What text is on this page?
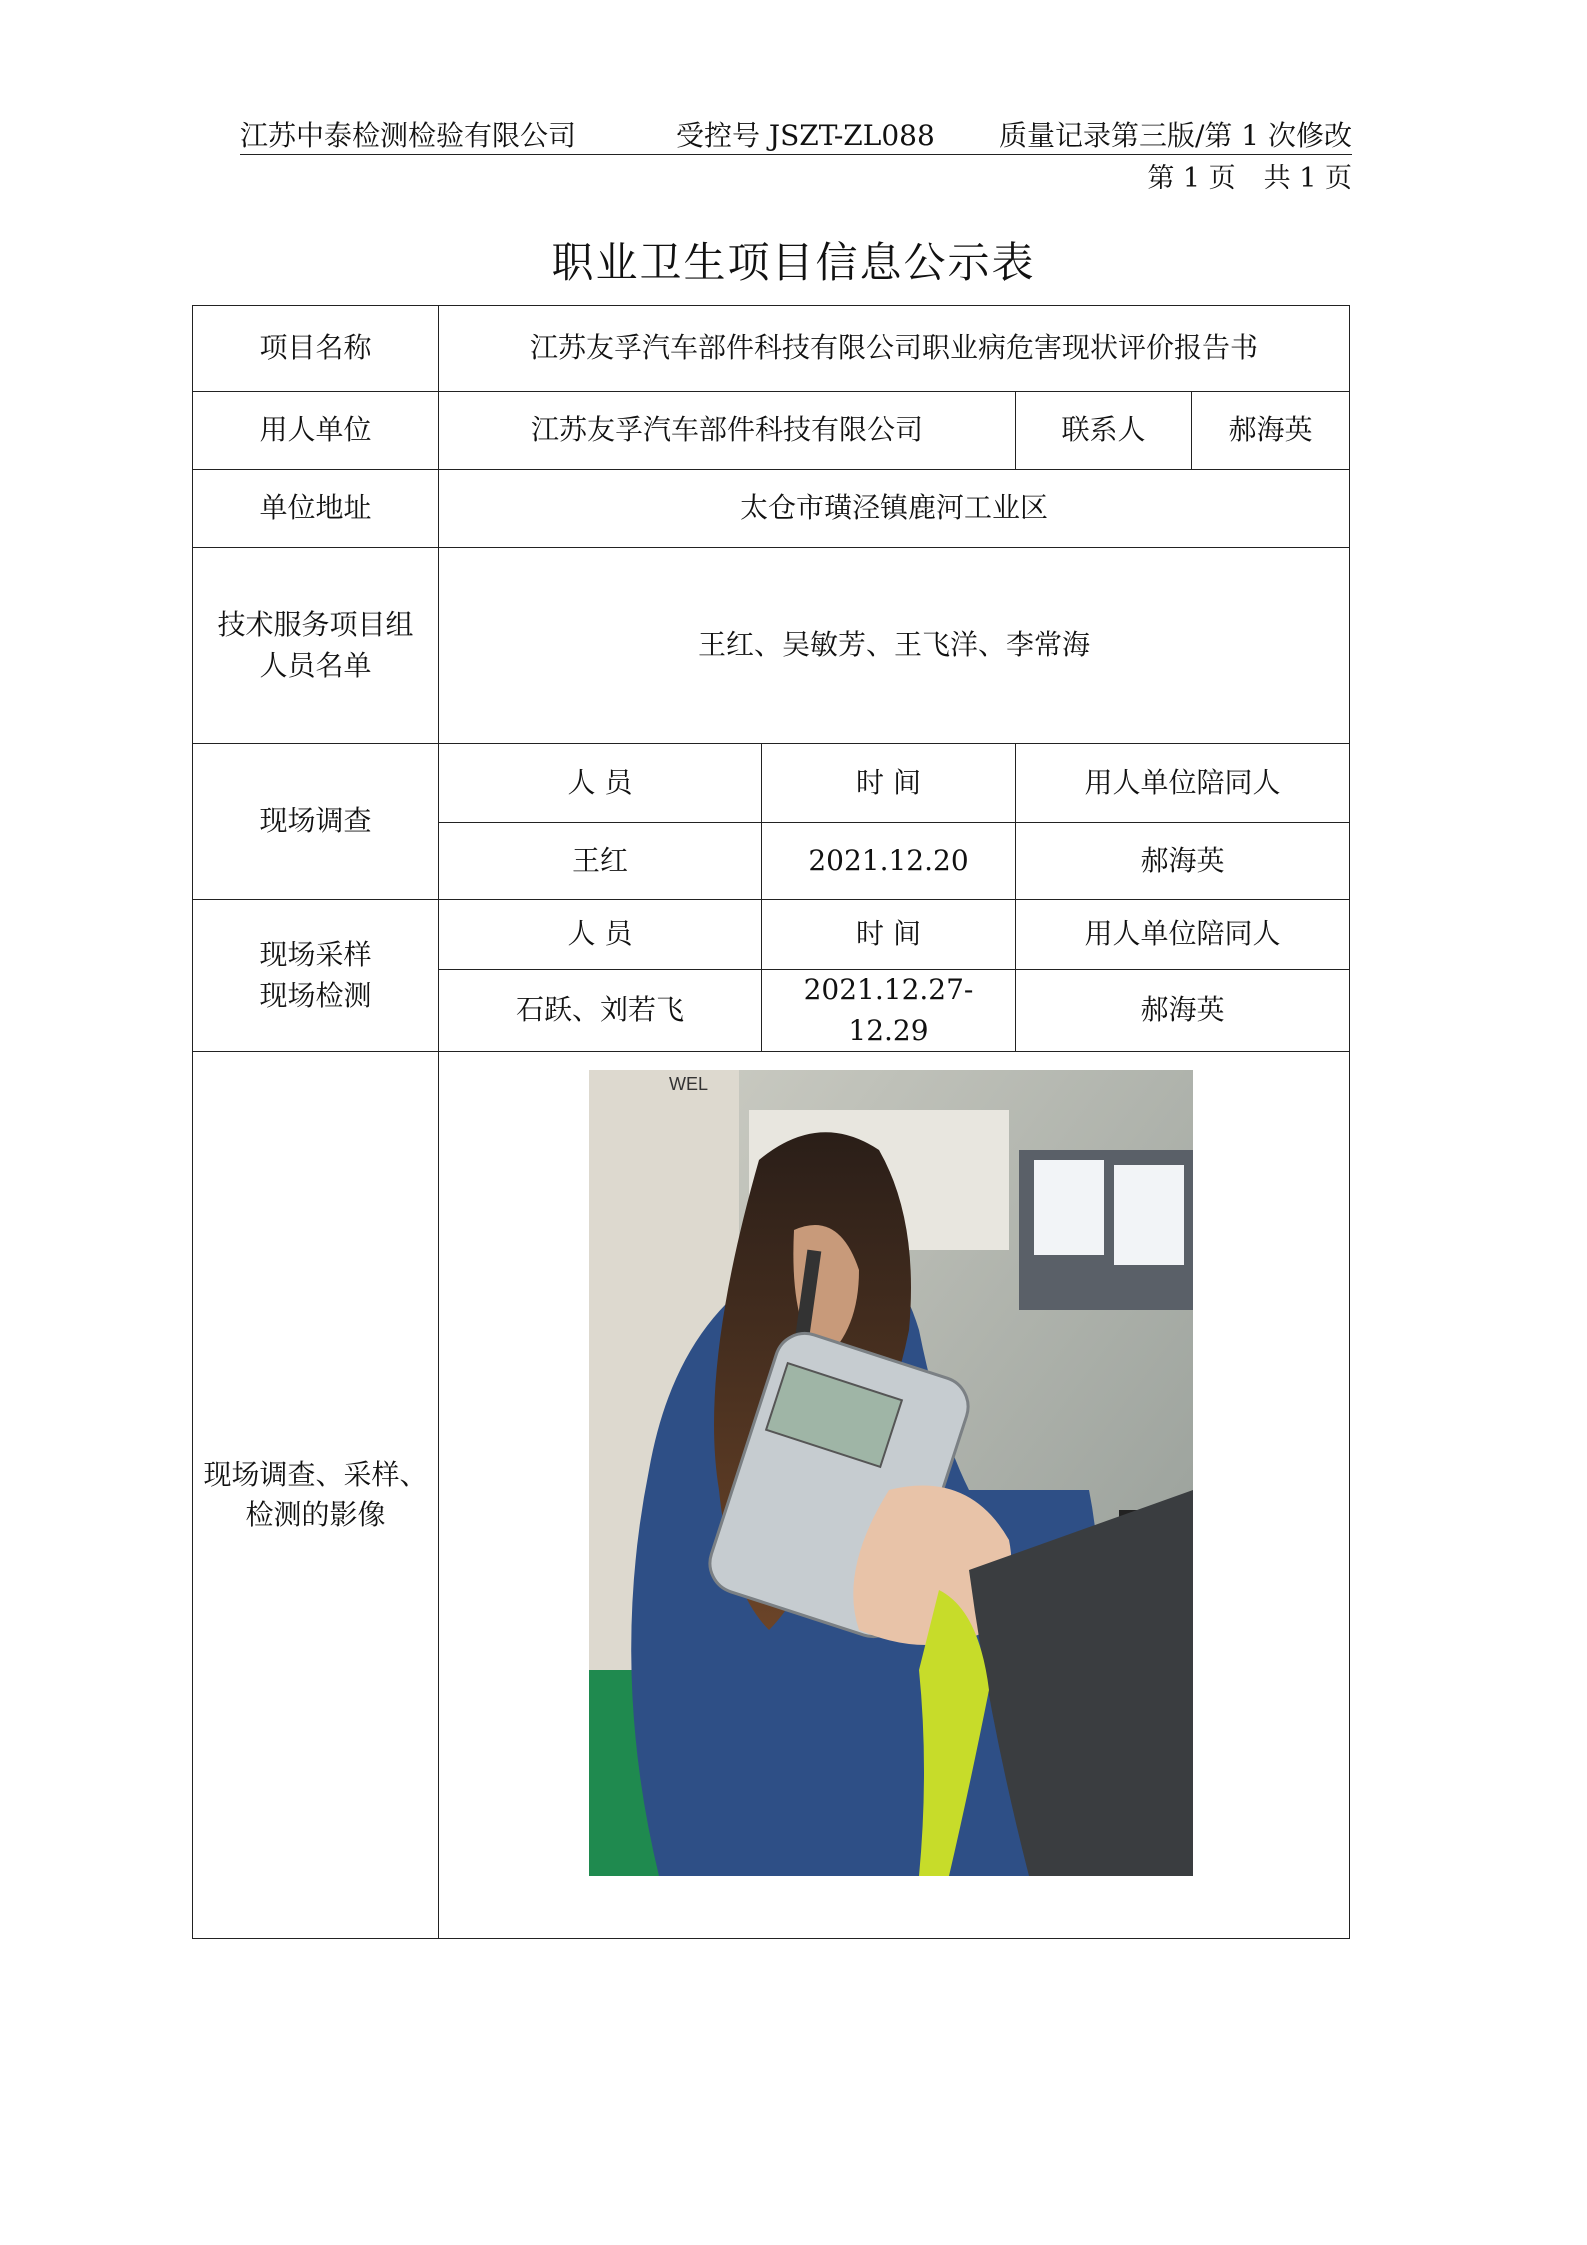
江苏中泰检测检验有限公司	受控号 JSZT-ZL088 质量记录第三版/第 1 次修改
第 1 页 共 1 页
职业卫生项目信息公示表
项目名称	江苏友孚汽车部件科技有限公司职业病危害现状评价报告书			
用人单位	江苏友孚汽车部件科技有限公司		联系人	郝海英
单位地址	太仓市璜泾镇鹿河工业区			

技术服务项目组
人员名单	王红、吴敏芳、王飞洋、李常海			
现场调查	人 员	时 间	用人单位陪同人	
	王红	2021.12.20	郝海英	

现场采样
现场检测	人 员	时 间	用人单位陪同人	
	石跃、刘若飞	2021.12.27-12.29	郝海英	

现场调查、采样、
检测的影像	WEL			
